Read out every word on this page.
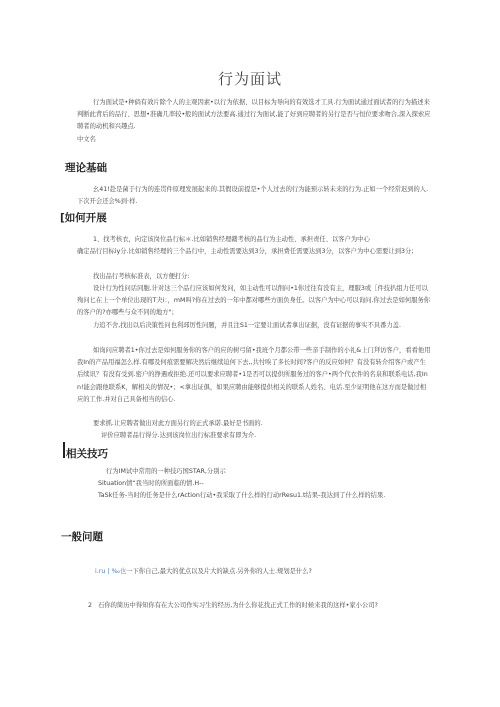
行为面试

行为面试是•种倘有效片除个人的主观因素•以行为依据、以目标为导向的有效选才工具.行为面试通过面试者的行为描述来判断此背后的品行、思想•准确几率较•般的面试方法要高.通过行为面试,能了好到应聘者的另行是否与恒位要求吻合,深入探索应聘者的动机和兴趣点.

中文名

理论基础

幺41!赴是菌于行为的连贯件原理发展起来的.其假设前提是•个人过去的行为能预示转未来的行为.正如一个经常迟到的人.下次开会还会%到·样.

[如何开展

1、找考核衣，向定该岗位品行标＊.比如销售经理赣考核的品行为主动性、承担责任、以客户为中心

确定品行目标iy分.比如销售经理的三个品行中，主动性需要达到3分，承担费任需要达到3分，以客户为中心需要让到3分;

找出品行考核标准表，以方便打分:

设计行为性问话同胞.计对这三个品行应该如何发问，如主动性可以削问•1你过往有没有主，理服3或［件技扒组力任可以殉问匕在上一个单位出现的T夬i：，mM叫?你在过去的一年中都对哪些方面负身任。以客户为中心可以询问.你过去是如何服务你的客户的?亦哪些与众不同的地方"；

力追不舍,找出以后决策性问也利邳厉性问题，并且注S1一定要让面试者拿出证据，没有证据的事实不具番力盖.

如询问应聘者1•你过去是如何服务你的客户的应的树弓留•我班个月都公带一些亲手制作的小礼&上门拜访客户，看看他用我In的产品用福怎么样.有哪及何痕需要解决然后继续迫何下去,,共忖唉了多长时间?客户的反应如何？有没有转介绍客户或产生后续讯？有没有受到.密户的挣遇或拒绝.还可以要求应聘者•1是否可以提供所服务过的客户•两个代衣件的名泉和联系电话,我Inn!能会跟他联系K，解相关的情况•；<拿出证俱，如果应聘由能够提供相关的联系人姓名、电话.至少证明他在这方而是做过相应的工作.并对自己具备相当的信心.

要求抓.让应聘者做出对此方面另行的正式承诺.最好是书面的.

评价应聘者品行得分.达到该岗位出行标准要求有即为介.

相关技巧

行为IM试中常用的一种技巧国STAR,分别示

Situation情“我当时的所面临的情.H--

TaSk任务-当时的任务是什么rAction行动•我采取了什么样的行动rResu1.t结果-我达到了什么样的结果.

一般问题

i.ru | ‰也一下你自己,最大的优点以及片大的缺点.另外你的人士.规划是什么?

2 石你的简历中得知你有在大公司作实习生的经历,为什么你花找正式工作的时候来我的这样•家小公司?
